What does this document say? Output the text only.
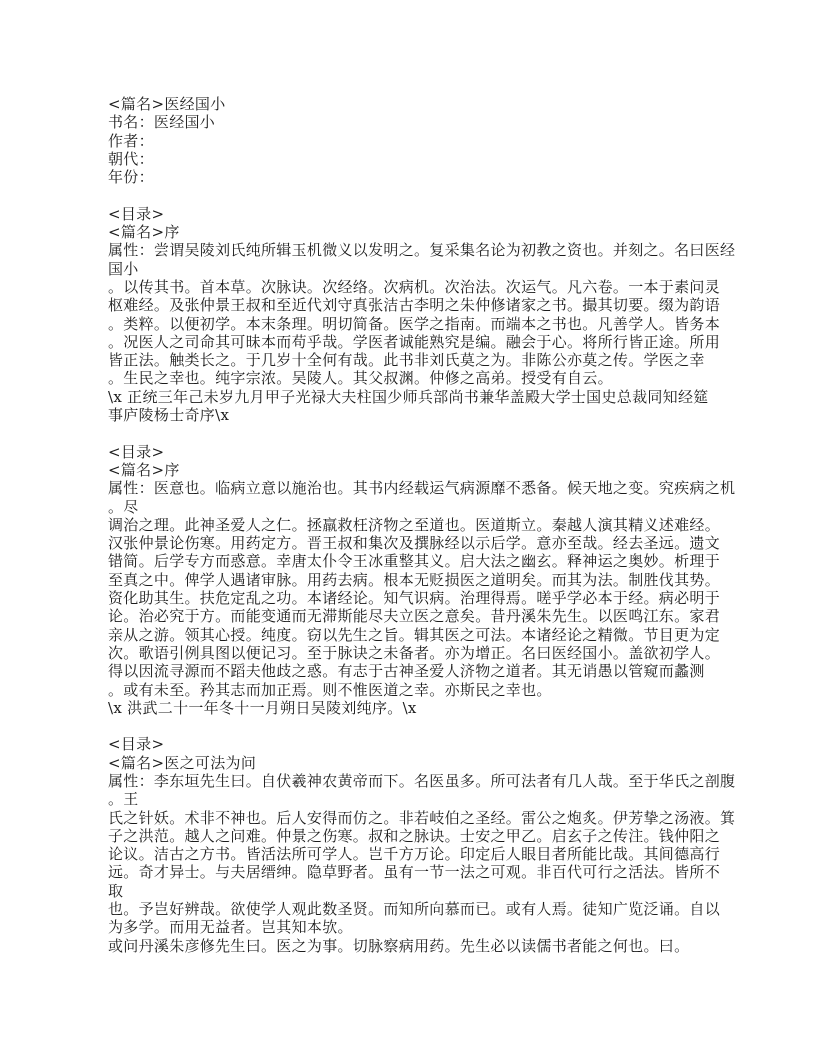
<篇名>医经国小
书名：医经国小
作者：
朝代：
年份：

<目录>
<篇名>序
属性：尝谓吴陵刘氏纯所辑玉机微义以发明之。复采集名论为初教之资也。并刻之。名曰医经
国小
。以传其书。首本草。次脉诀。次经络。次病机。次治法。次运气。凡六卷。一本于素问灵
枢难经。及张仲景王叔和至近代刘守真张洁古李明之朱仲修诸家之书。撮其切要。缀为韵语
。类粹。以便初学。本末条理。明切简备。医学之指南。而端本之书也。凡善学人。皆务本
。况医人之司命其可昧本而苟乎哉。学医者诚能熟究是编。融会于心。将所行皆正途。所用
皆正法。触类长之。于几岁十全何有哉。此书非刘氏莫之为。非陈公亦莫之传。学医之幸
。生民之幸也。纯字宗浓。吴陵人。其父叔渊。仲修之高弟。授受有自云。
\x 正统三年己未岁九月甲子光禄大夫柱国少师兵部尚书兼华盖殿大学士国史总裁同知经筵
事庐陵杨士奇序\x

<目录>
<篇名>序
属性：医意也。临病立意以施治也。其书内经载运气病源靡不悉备。候天地之变。究疾病之机
。尽
调治之理。此神圣爱人之仁。拯羸救枉济物之至道也。医道斯立。秦越人演其精义述难经。
汉张仲景论伤寒。用药定方。晋王叔和集次及撰脉经以示后学。意亦至哉。经去圣远。遗文
错简。后学专方而惑意。幸唐太仆令王冰重整其义。启大法之幽玄。释神运之奥妙。析理于
至真之中。俾学人遇诸审脉。用药去病。根本无贬损医之道明矣。而其为法。制胜伐其势。
资化助其生。扶危定乱之功。本诸经论。知气识病。治理得焉。嗟乎学必本于经。病必明于
论。治必究于方。而能变通而无滞斯能尽夫立医之意矣。昔丹溪朱先生。以医鸣江东。家君
亲从之游。领其心授。纯度。窃以先生之旨。辑其医之可法。本诸经论之精微。节目更为定
次。歌语引例具图以便记习。至于脉诀之未备者。亦为增正。名曰医经国小。盖欲初学人。
得以因流寻源而不蹈夫他歧之惑。有志于古神圣爱人济物之道者。其无诮愚以管窥而蠡测
。或有未至。矜其志而加正焉。则不惟医道之幸。亦斯民之幸也。
\x 洪武二十一年冬十一月朔日吴陵刘纯序。\x

<目录>
<篇名>医之可法为问
属性：李东垣先生曰。自伏羲神农黄帝而下。名医虽多。所可法者有几人哉。至于华氏之剖腹
。王
氏之针妖。术非不神也。后人安得而仿之。非若岐伯之圣经。雷公之炮炙。伊芳挚之汤液。箕
子之洪范。越人之问难。仲景之伤寒。叔和之脉诀。士安之甲乙。启玄子之传注。钱仲阳之
论议。洁古之方书。皆活法所可学人。岂千方万论。印定后人眼目者所能比哉。其间德高行
远。奇才异士。与夫居缙绅。隐草野者。虽有一节一法之可观。非百代可行之活法。皆所不
取
也。予岂好辨哉。欲使学人观此数圣贤。而知所向慕而已。或有人焉。徒知广览泛诵。自以
为多学。而用无益者。岂其知本欤。
或问丹溪朱彦修先生曰。医之为事。切脉察病用药。先生必以读儒书者能之何也。曰。
